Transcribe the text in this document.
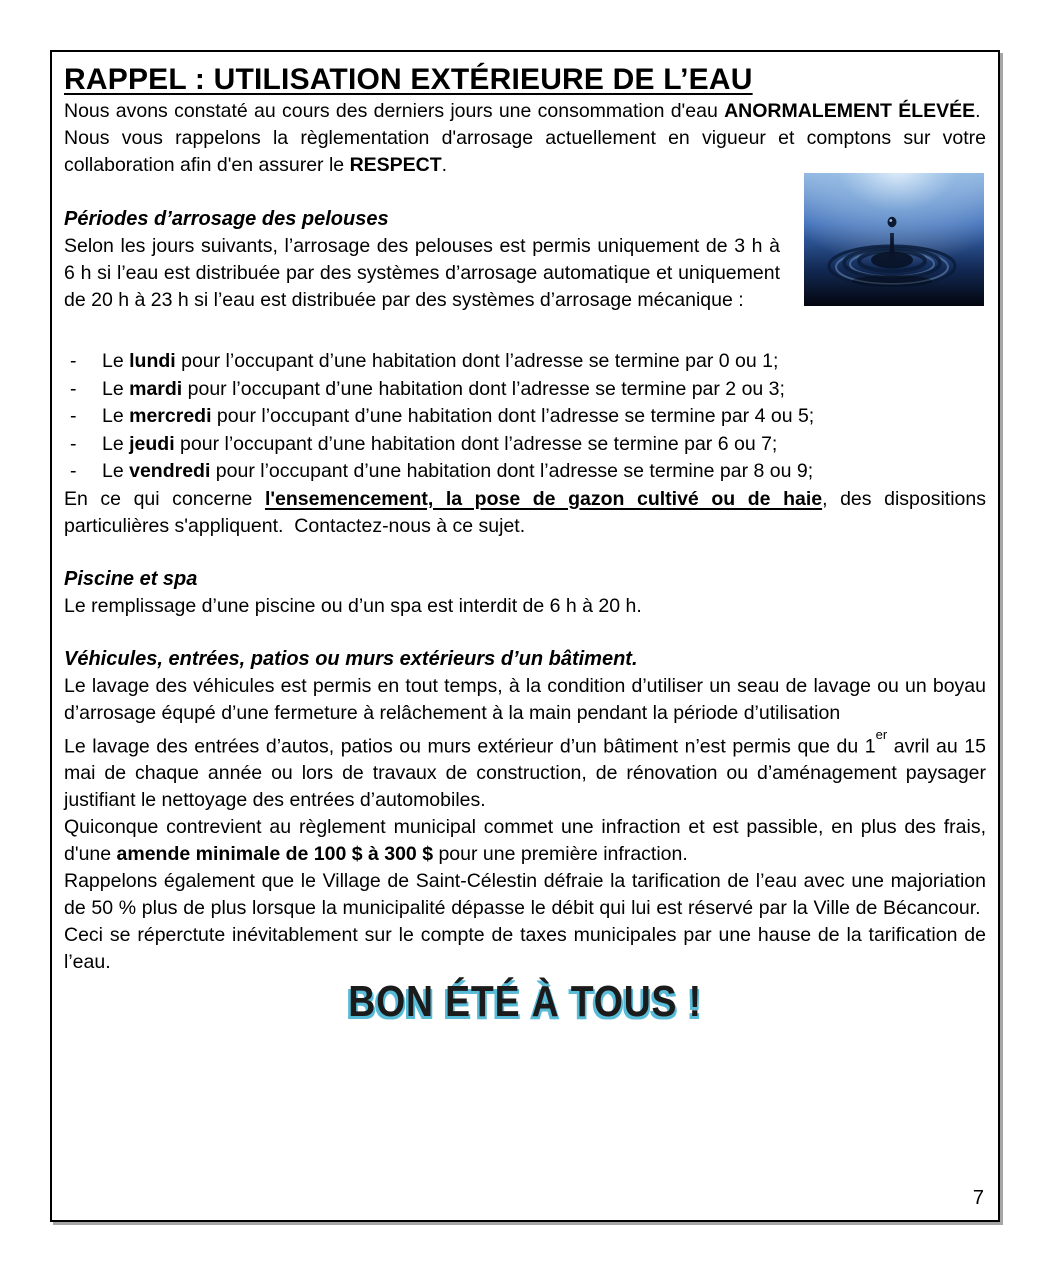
RAPPEL : UTILISATION EXTÉRIEURE DE L’EAU

Nous avons constaté au cours des derniers jours une consommation d'eau ANORMALEMENT ÉLEVÉE.  Nous vous rappelons la règlementation d'arrosage actuellement en vigueur et comptons sur votre collaboration afin d'en assurer le RESPECT.

Périodes d’arrosage des pelouses

Selon les jours suivants, l’arrosage des pelouses est permis uniquement de 3 h à 6 h si l’eau est distribuée par des systèmes d’arrosage automatique et uniquement de 20 h à 23 h si l’eau est distribuée par des systèmes d’arrosage mécanique :

- Le lundi pour l’occupant d’une habitation dont l’adresse se termine par 0 ou 1;
- Le mardi pour l’occupant d’une habitation dont l’adresse se termine par 2 ou 3;
- Le mercredi pour l’occupant d’une habitation dont l’adresse se termine par 4 ou 5;
- Le jeudi pour l’occupant d’une habitation dont l’adresse se termine par 6 ou 7;
- Le vendredi pour l’occupant d’une habitation dont l’adresse se termine par 8 ou 9;

En ce qui concerne l'ensemencement, la pose de gazon cultivé ou de haie, des dispositions particulières s'appliquent.  Contactez-nous à ce sujet.

Piscine et spa

Le remplissage d’une piscine ou d’un spa est interdit de 6 h à 20 h.

Véhicules, entrées, patios ou murs extérieurs d’un bâtiment.

Le lavage des véhicules est permis en tout temps, à la condition d’utiliser un seau de lavage ou un boyau d’arrosage équpé d’une fermeture à relâchement à la main pendant la période d’utilisation

Le lavage des entrées d’autos, patios ou murs extérieur d’un bâtiment n’est permis que du 1er avril au 15 mai de chaque année ou lors de travaux de construction, de rénovation ou d’aménagement paysager justifiant le nettoyage des entrées d’automobiles.

Quiconque contrevient au règlement municipal commet une infraction et est passible, en plus des frais, d'une amende minimale de 100 $ à 300 $ pour une première infraction.

Rappelons également que le Village de Saint-Célestin défraie la tarification de l’eau avec une majoriation de 50 % plus de plus lorsque la municipalité dépasse le débit qui lui est réservé par la Ville de Bécancour.  Ceci se réperctute inévitablement sur le compte de taxes municipales par une hause de la tarification de l’eau.

BON ÉTÉ À TOUS !
7
